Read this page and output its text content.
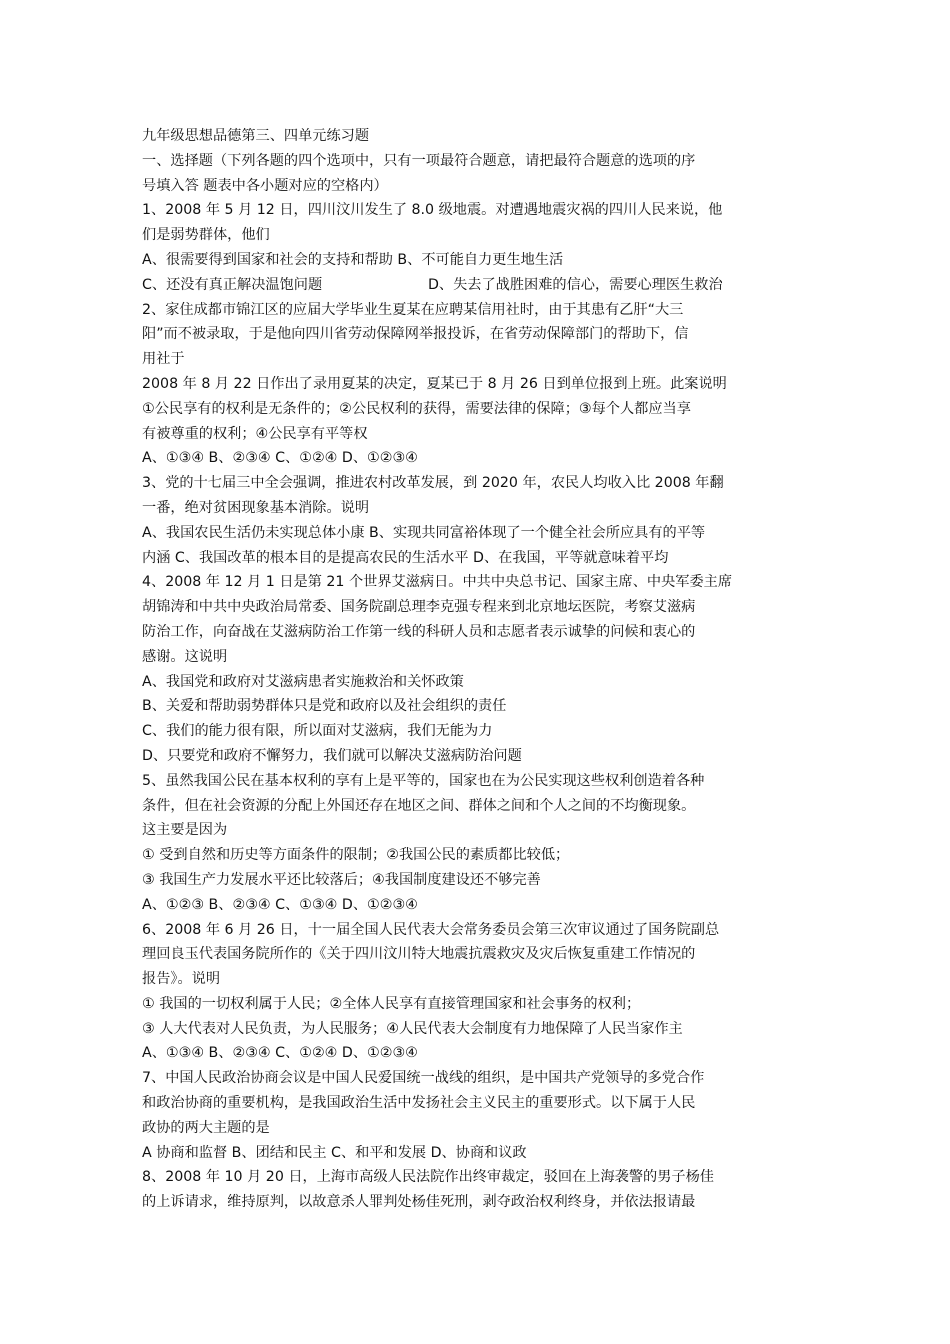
九年级思想品德第三、四单元练习题
一、选择题（下列各题的四个选项中，只有一项最符合题意，请把最符合题意的选项的序
号填入答 题表中各小题对应的空格内）
1、2008 年 5 月 12 日，四川汶川发生了 8.0 级地震。对遭遇地震灾祸的四川人民来说，他
们是弱势群体，他们
A、很需要得到国家和社会的支持和帮助 B、不可能自力更生地生活
C、还没有真正解决温饱问题	D、失去了战胜困难的信心，需要心理医生救治
2、家住成都市锦江区的应届大学毕业生夏某在应聘某信用社时，由于其患有乙肝“大三
阳”而不被录取，于是他向四川省劳动保障网举报投诉，在省劳动保障部门的帮助下，信
用社于
2008 年 8 月 22 日作出了录用夏某的决定，夏某已于 8 月 26 日到单位报到上班。此案说明
①公民享有的权利是无条件的；②公民权利的获得，需要法律的保障；③每个人都应当享
有被尊重的权利；④公民享有平等权
A、①③④ B、②③④ C、①②④ D、①②③④
3、党的十七届三中全会强调，推进农村改革发展，到 2020 年，农民人均收入比 2008 年翻
一番，绝对贫困现象基本消除。说明
A、我国农民生活仍未实现总体小康 B、实现共同富裕体现了一个健全社会所应具有的平等
内涵 C、我国改革的根本目的是提高农民的生活水平 D、在我国，平等就意味着平均
4、2008 年 12 月 1 日是第 21 个世界艾滋病日。中共中央总书记、国家主席、中央军委主席
胡锦涛和中共中央政治局常委、国务院副总理李克强专程来到北京地坛医院，考察艾滋病
防治工作，向奋战在艾滋病防治工作第一线的科研人员和志愿者表示诚挚的问候和衷心的
感谢。这说明
A、我国党和政府对艾滋病患者实施救治和关怀政策
B、关爱和帮助弱势群体只是党和政府以及社会组织的责任
C、我们的能力很有限，所以面对艾滋病，我们无能为力
D、只要党和政府不懈努力，我们就可以解决艾滋病防治问题
5、虽然我国公民在基本权利的享有上是平等的，国家也在为公民实现这些权利创造着各种
条件，但在社会资源的分配上外国还存在地区之间、群体之间和个人之间的不均衡现象。
这主要是因为
① 受到自然和历史等方面条件的限制；②我国公民的素质都比较低；
③ 我国生产力发展水平还比较落后；④我国制度建设还不够完善
A、①②③ B、②③④ C、①③④ D、①②③④
6、2008 年 6 月 26 日，十一届全国人民代表大会常务委员会第三次审议通过了国务院副总
理回良玉代表国务院所作的《关于四川汶川特大地震抗震救灾及灾后恢复重建工作情况的
报告》。说明
① 我国的一切权利属于人民；②全体人民享有直接管理国家和社会事务的权利；
③ 人大代表对人民负责，为人民服务；④人民代表大会制度有力地保障了人民当家作主
A、①③④ B、②③④ C、①②④ D、①②③④
7、中国人民政治协商会议是中国人民爱国统一战线的组织，是中国共产党领导的多党合作
和政治协商的重要机构，是我国政治生活中发扬社会主义民主的重要形式。以下属于人民
政协的两大主题的是
A 协商和监督 B、团结和民主 C、和平和发展 D、协商和议政
8、2008 年 10 月 20 日，上海市高级人民法院作出终审裁定，驳回在上海袭警的男子杨佳
的上诉请求，维持原判，以故意杀人罪判处杨佳死刑，剥夺政治权利终身，并依法报请最
